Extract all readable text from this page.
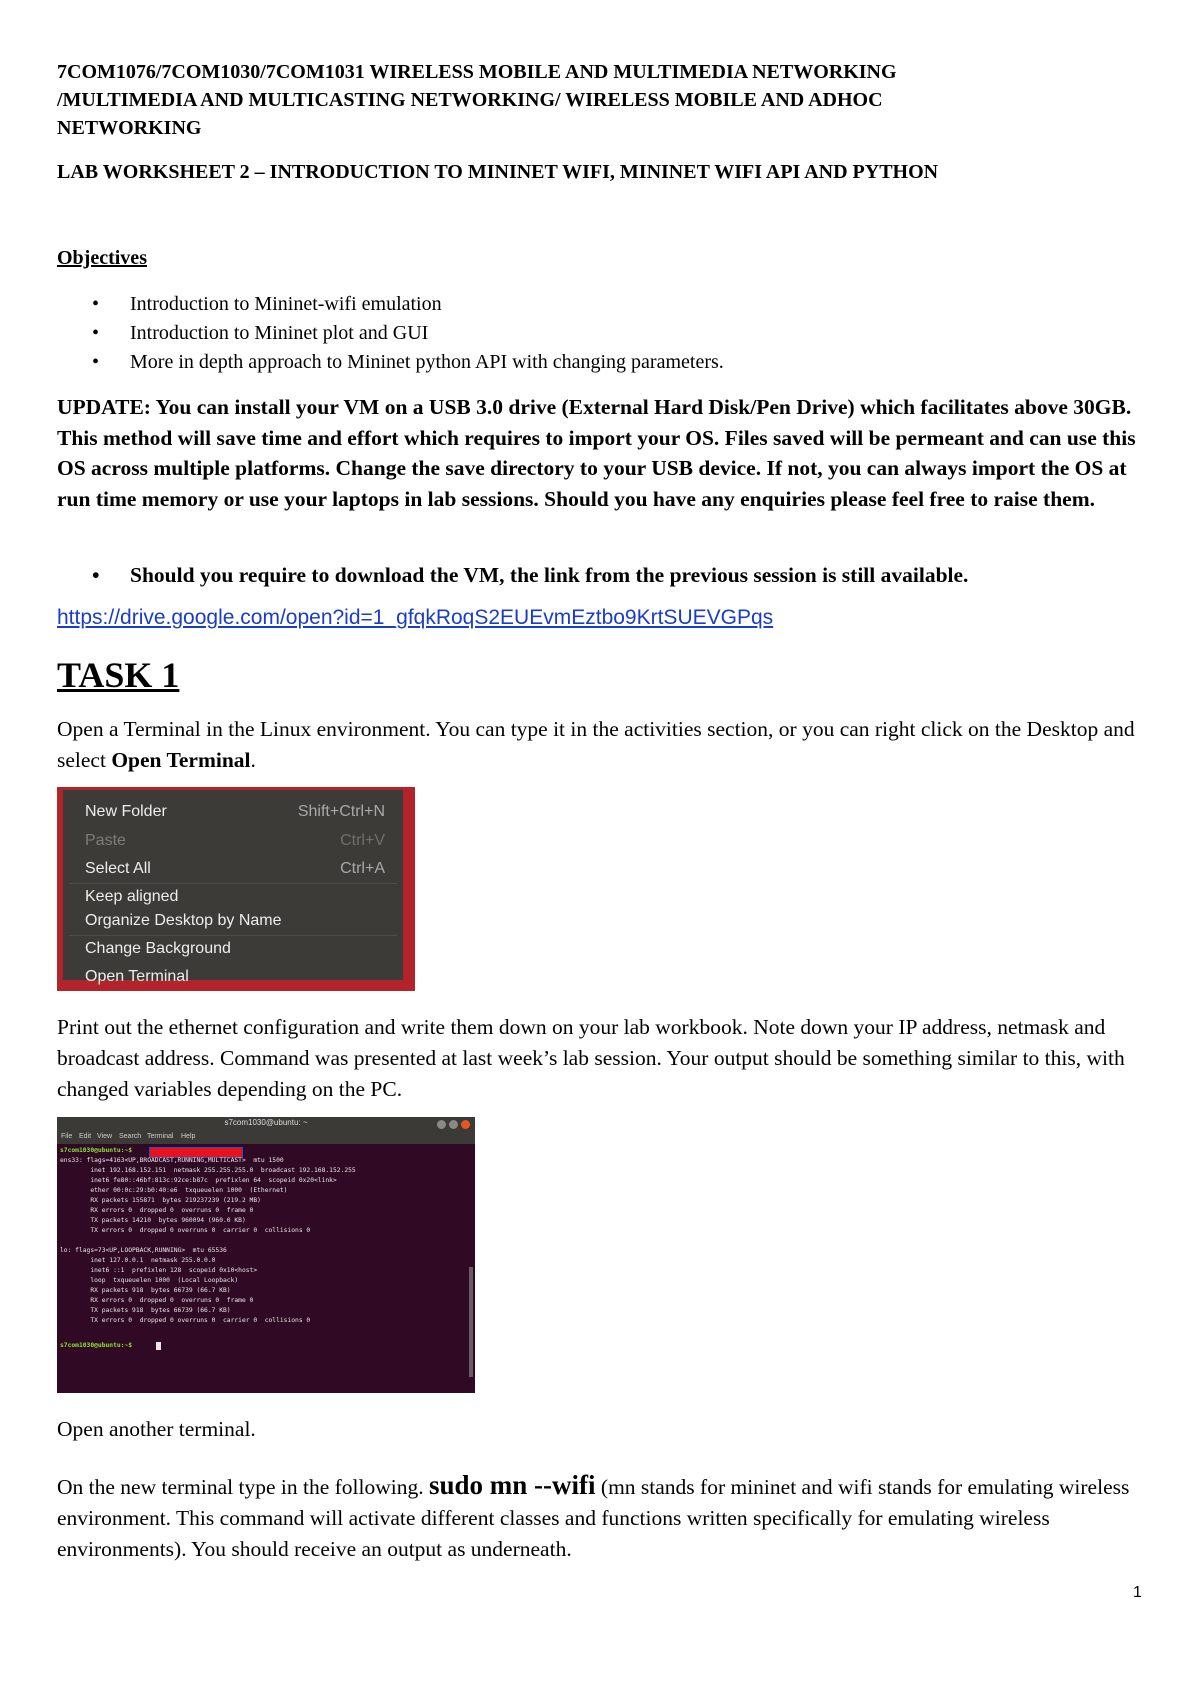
7COM1076/7COM1030/7COM1031 WIRELESS MOBILE AND MULTIMEDIA NETWORKING
/MULTIMEDIA AND MULTICASTING NETWORKING/ WIRELESS MOBILE AND ADHOC
NETWORKING
LAB WORKSHEET 2 – INTRODUCTION TO MININET WIFI, MININET WIFI API AND PYTHON
Objectives
• Introduction to Mininet-wifi emulation
• Introduction to Mininet plot and GUI
• More in depth approach to Mininet python API with changing parameters.
UPDATE: You can install your VM on a USB 3.0 drive (External Hard Disk/Pen Drive) which facilitates above 30GB. This method will save time and effort which requires to import your OS. Files saved will be permeant and can use this OS across multiple platforms. Change the save directory to your USB device. If not, you can always import the OS at run time memory or use your laptops in lab sessions. Should you have any enquiries please feel free to raise them.
• Should you require to download the VM, the link from the previous session is still available.
https://drive.google.com/open?id=1_gfqkRoqS2EUEvmEztbo9KrtSUEVGPqs
TASK 1
Open a Terminal in the Linux environment. You can type it in the activities section, or you can right click on the Desktop and select Open Terminal.
New Folder	Shift+Ctrl+N
Paste	Ctrl+V
Select All	Ctrl+A
Keep aligned
Organize Desktop by Name
Change Background
Open Terminal
Print out the ethernet configuration and write them down on your lab workbook. Note down your IP address, netmask and broadcast address. Command was presented at last week’s lab session. Your output should be something similar to this, with changed variables depending on the PC.
s7com1030@ubuntu: ~
File Edit View Search Terminal Help
s7com1030@ubuntu:~$
ens33: flags=4163<UP,BROADCAST,RUNNING,MULTICAST>  mtu 1500
inet 192.168.152.151  netmask 255.255.255.0  broadcast 192.168.152.255
inet6 fe80::46bf:813c:92ce:b87c  prefixlen 64  scopeid 0x20<link>
ether 00:0c:29:b0:40:e6  txqueuelen 1000  (Ethernet)
RX packets 155871  bytes 219237239 (219.2 MB)
RX errors 0  dropped 0  overruns 0  frame 0
TX packets 14210  bytes 960094 (960.0 KB)
TX errors 0  dropped 0 overruns 0  carrier 0  collisions 0
lo: flags=73<UP,LOOPBACK,RUNNING>  mtu 65536
inet 127.0.0.1  netmask 255.0.0.0
inet6 ::1  prefixlen 128  scopeid 0x10<host>
loop  txqueuelen 1000  (Local Loopback)
RX packets 918  bytes 66739 (66.7 KB)
RX errors 0  dropped 0  overruns 0  frame 0
TX packets 918  bytes 66739 (66.7 KB)
TX errors 0  dropped 0 overruns 0  carrier 0  collisions 0
s7com1030@ubuntu:~$
Open another terminal.
On the new terminal type in the following. sudo mn --wifi (mn stands for mininet and wifi stands for emulating wireless environment. This command will activate different classes and functions written specifically for emulating wireless environments). You should receive an output as underneath.
1
